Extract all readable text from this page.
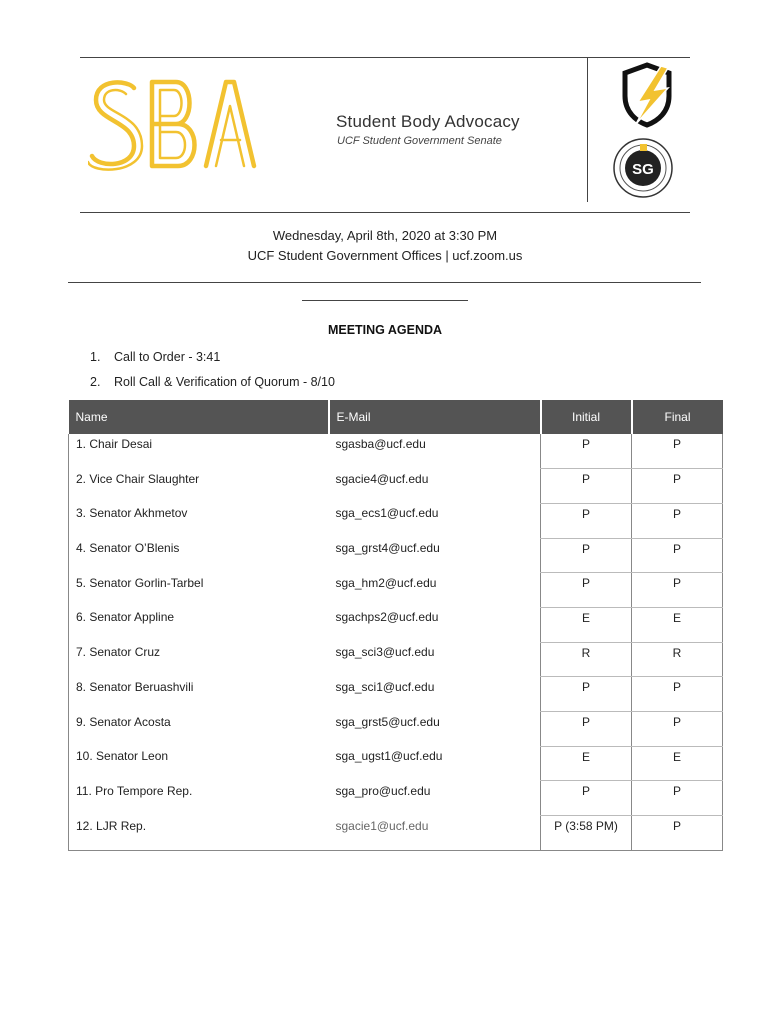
Student Body Advocacy
UCF Student Government Senate
SG
Wednesday, April 8th, 2020 at 3:30 PM
UCF Student Government Offices | ucf.zoom.us
MEETING AGENDA
1. Call to Order - 3:41
2. Roll Call & Verification of Quorum - 8/10
Name	E-Mail	Initial	Final
1. Chair Desai	sgasba@ucf.edu	P	P
2. Vice Chair Slaughter	sgacie4@ucf.edu	P	P
3. Senator Akhmetov	sga_ecs1@ucf.edu	P	P
4. Senator O’Blenis	sga_grst4@ucf.edu	P	P
5. Senator Gorlin-Tarbel	sga_hm2@ucf.edu	P	P
6. Senator Appline	sgachps2@ucf.edu	E	E
7. Senator Cruz	sga_sci3@ucf.edu	R	R
8. Senator Beruashvili	sga_sci1@ucf.edu	P	P
9. Senator Acosta	sga_grst5@ucf.edu	P	P
10. Senator Leon	sga_ugst1@ucf.edu	E	E
11. Pro Tempore Rep.	sga_pro@ucf.edu	P	P
12. LJR Rep.	sgacie1@ucf.edu	P (3:58 PM)	P
